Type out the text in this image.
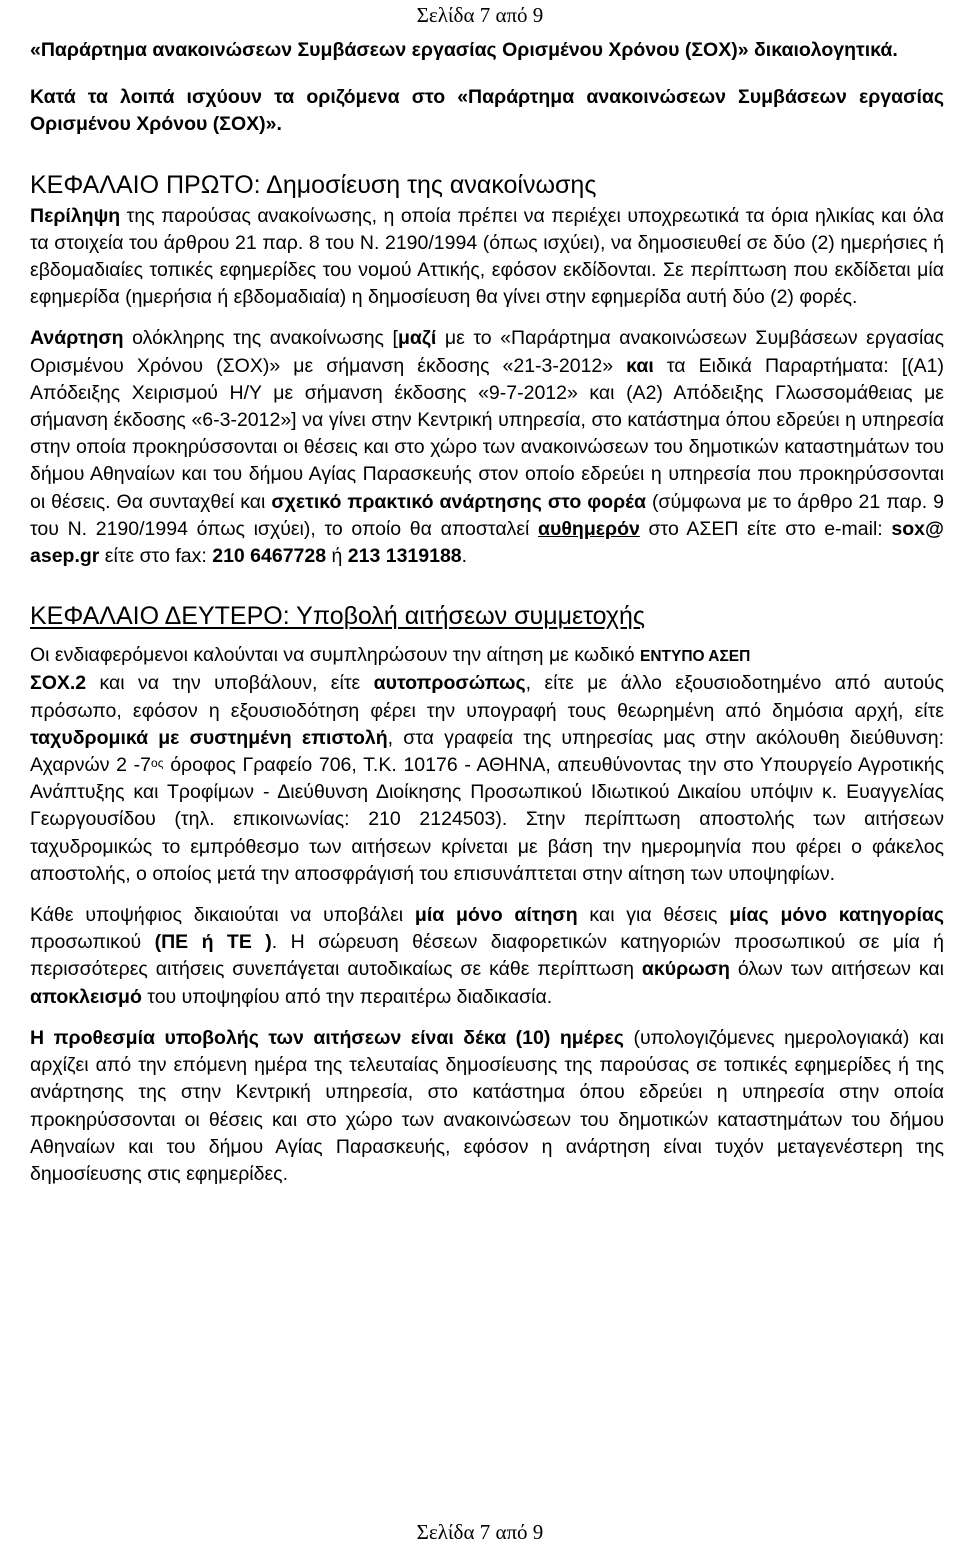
Σελίδα 7 από 9

«Παράρτημα ανακοινώσεων Συμβάσεων εργασίας Ορισμένου Χρόνου (ΣΟΧ)» δικαιολογητικά.

Κατά τα λοιπά ισχύουν τα οριζόμενα στο «Παράρτημα ανακοινώσεων Συμβάσεων εργασίας Ορισμένου Χρόνου (ΣΟΧ)».

ΚΕΦΑΛΑΙΟ ΠΡΩΤΟ: Δημοσίευση της ανακοίνωσης

Περίληψη της παρούσας ανακοίνωσης, η οποία πρέπει να περιέχει υποχρεωτικά τα όρια ηλικίας και όλα τα στοιχεία του άρθρου 21 παρ. 8 του Ν. 2190/1994 (όπως ισχύει), να δημοσιευθεί σε δύο (2) ημερήσιες ή εβδομαδιαίες τοπικές εφημερίδες του νομού Αττικής, εφόσον εκδίδονται. Σε περίπτωση που εκδίδεται μία εφημερίδα (ημερήσια ή εβδομαδιαία) η δημοσίευση θα γίνει στην εφημερίδα αυτή δύο (2) φορές.

Ανάρτηση ολόκληρης της ανακοίνωσης [μαζί με το «Παράρτημα ανακοινώσεων Συμβάσεων εργασίας Ορισμένου Χρόνου (ΣΟΧ)» με σήμανση έκδοσης «21-3-2012» και τα Ειδικά Παραρτήματα: [(Α1) Απόδειξης Χειρισμού Η/Υ με σήμανση έκδοσης «9-7-2012» και (Α2) Απόδειξης Γλωσσομάθειας με σήμανση έκδοσης «6-3-2012»] να γίνει στην Κεντρική υπηρεσία, στο κατάστημα όπου εδρεύει η υπηρεσία στην οποία προκηρύσσονται οι θέσεις και στο χώρο των ανακοινώσεων του δημοτικών καταστημάτων του δήμου Αθηναίων και του δήμου Αγίας Παρασκευής στον οποίο εδρεύει η υπηρεσία που προκηρύσσονται οι θέσεις. Θα συνταχθεί και σχετικό πρακτικό ανάρτησης στο φορέα (σύμφωνα με το άρθρο 21 παρ. 9 του Ν. 2190/1994 όπως ισχύει), το οποίο θα αποσταλεί αυθημερόν στο ΑΣΕΠ είτε στο e-mail: sox@ asep.gr είτε στο fax: 210 6467728 ή 213 1319188.

ΚΕΦΑΛΑΙΟ ΔΕΥΤΕΡΟ: Υποβολή αιτήσεων συμμετοχής

Οι ενδιαφερόμενοι καλούνται να συμπληρώσουν την αίτηση με κωδικό ΕΝΤΥΠΟ ΑΣΕΠ
ΣΟΧ.2 και να την υποβάλουν, είτε αυτοπροσώπως, είτε με άλλο εξουσιοδοτημένο από αυτούς πρόσωπο, εφόσον η εξουσιοδότηση φέρει την υπογραφή τους θεωρημένη από δημόσια αρχή, είτε ταχυδρομικά με συστημένη επιστολή, στα γραφεία της υπηρεσίας μας στην ακόλουθη διεύθυνση: Αχαρνών 2 $-7^{o\varsigma}$ όροφος Γραφείο 706, Τ.Κ. 10176 - ΑΘΗΝΑ, απευθύνοντας την στο Υπουργείο Αγροτικής Ανάπτυξης και Τροφίμων - Διεύθυνση Διοίκησης Προσωπικού Ιδιωτικού Δικαίου υπόψιν κ. Ευαγγελίας Γεωργουσίδου (τηλ. επικοινωνίας: 210 2124503). Στην περίπτωση αποστολής των αιτήσεων ταχυδρομικώς το εμπρόθεσμο των αιτήσεων κρίνεται με βάση την ημερομηνία που φέρει ο φάκελος αποστολής, ο οποίος μετά την αποσφράγισή του επισυνάπτεται στην αίτηση των υποψηφίων.

Κάθε υποψήφιος δικαιούται να υποβάλει μία μόνο αίτηση και για θέσεις μίας μόνο κατηγορίας προσωπικού (ΠΕ ή ΤΕ ). Η σώρευση θέσεων διαφορετικών κατηγοριών προσωπικού σε μία ή περισσότερες αιτήσεις συνεπάγεται αυτοδικαίως σε κάθε περίπτωση ακύρωση όλων των αιτήσεων και αποκλεισμό του υποψηφίου από την περαιτέρω διαδικασία.

Η προθεσμία υποβολής των αιτήσεων είναι δέκα (10) ημέρες (υπολογιζόμενες ημερολογιακά) και αρχίζει από την επόμενη ημέρα της τελευταίας δημοσίευσης της παρούσας σε τοπικές εφημερίδες ή της ανάρτησης της στην Κεντρική υπηρεσία, στο κατάστημα όπου εδρεύει η υπηρεσία στην οποία προκηρύσσονται οι θέσεις και στο χώρο των ανακοινώσεων του δημοτικών καταστημάτων του δήμου Αθηναίων και του δήμου Αγίας Παρασκευής, εφόσον η ανάρτηση είναι τυχόν μεταγενέστερη της δημοσίευσης στις εφημερίδες.

Σελίδα 7 από 9
